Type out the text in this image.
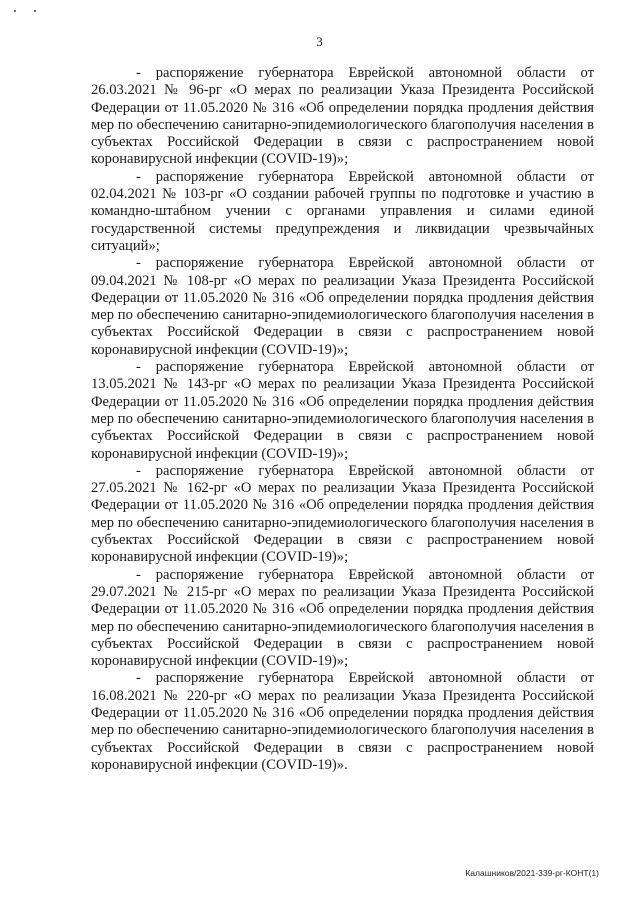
3

- распоряжение губернатора Еврейской автономной области от 26.03.2021 № 96-рг «О мерах по реализации Указа Президента Российской Федерации от 11.05.2020 № 316 «Об определении порядка продления действия мер по обеспечению санитарно-эпидемиологического благополучия населения в субъектах Российской Федерации в связи с распространением новой коронавирусной инфекции (COVID-19)»;

- распоряжение губернатора Еврейской автономной области от 02.04.2021 № 103-рг «О создании рабочей группы по подготовке и участию в командно-штабном учении с органами управления и силами единой государственной системы предупреждения и ликвидации чрезвычайных ситуаций»;

- распоряжение губернатора Еврейской автономной области от 09.04.2021 № 108-рг «О мерах по реализации Указа Президента Российской Федерации от 11.05.2020 № 316 «Об определении порядка продления действия мер по обеспечению санитарно-эпидемиологического благополучия населения в субъектах Российской Федерации в связи с распространением новой коронавирусной инфекции (COVID-19)»;

- распоряжение губернатора Еврейской автономной области от 13.05.2021 № 143-рг «О мерах по реализации Указа Президента Российской Федерации от 11.05.2020 № 316 «Об определении порядка продления действия мер по обеспечению санитарно-эпидемиологического благополучия населения в субъектах Российской Федерации в связи с распространением новой коронавирусной инфекции (COVID-19)»;

- распоряжение губернатора Еврейской автономной области от 27.05.2021 № 162-рг «О мерах по реализации Указа Президента Российской Федерации от 11.05.2020 № 316 «Об определении порядка продления действия мер по обеспечению санитарно-эпидемиологического благополучия населения в субъектах Российской Федерации в связи с распространением новой коронавирусной инфекции (COVID-19)»;

- распоряжение губернатора Еврейской автономной области от 29.07.2021 № 215-рг «О мерах по реализации Указа Президента Российской Федерации от 11.05.2020 № 316 «Об определении порядка продления действия мер по обеспечению санитарно-эпидемиологического благополучия населения в субъектах Российской Федерации в связи с распространением новой коронавирусной инфекции (COVID-19)»;

- распоряжение губернатора Еврейской автономной области от 16.08.2021 № 220-рг «О мерах по реализации Указа Президента Российской Федерации от 11.05.2020 № 316 «Об определении порядка продления действия мер по обеспечению санитарно-эпидемиологического благополучия населения в субъектах Российской Федерации в связи с распространением новой коронавирусной инфекции (COVID-19)».

Калашников/2021-339-рг-КОНТ(1)
